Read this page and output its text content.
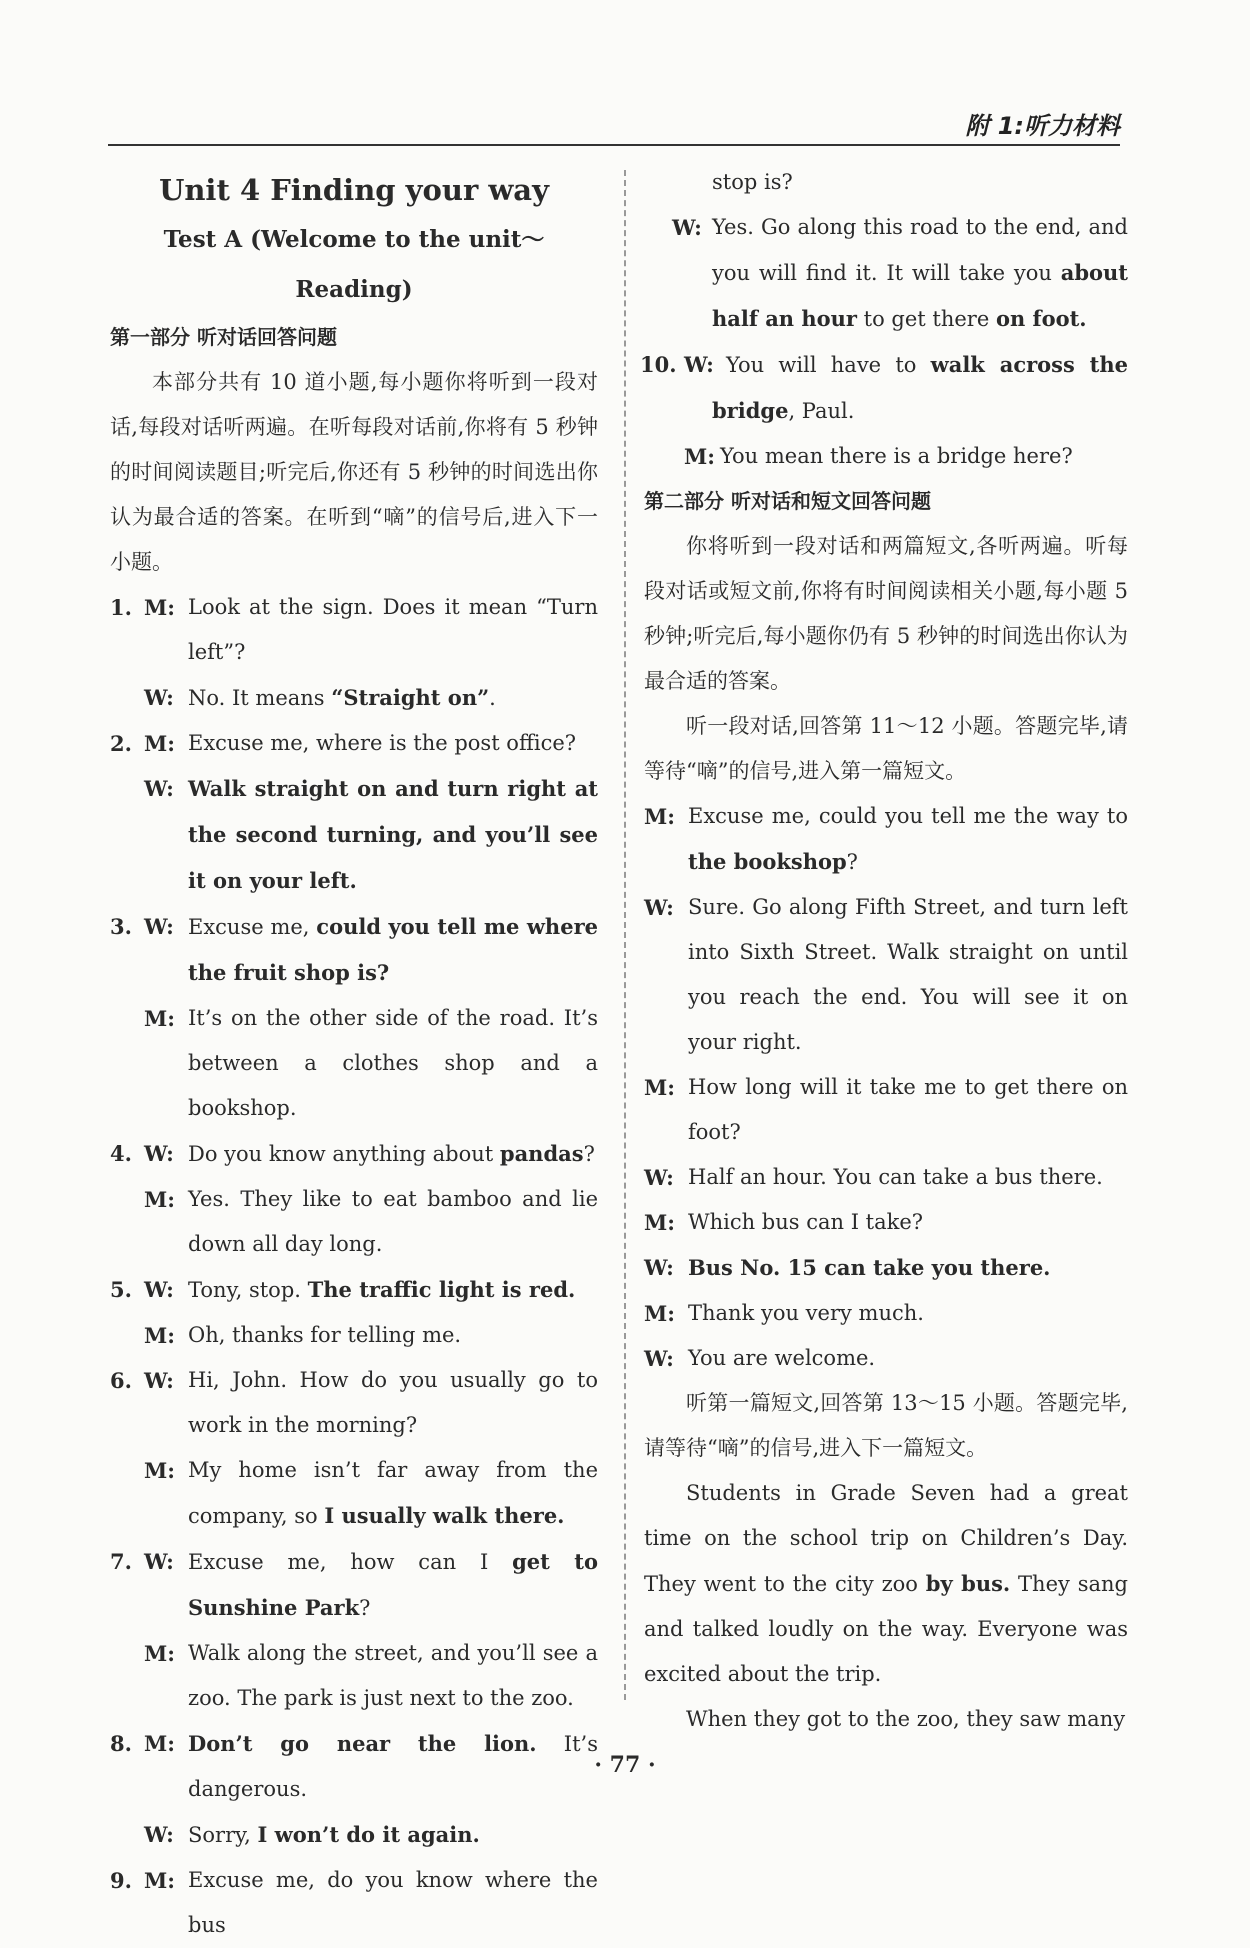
附 1:听力材料
Unit 4 Finding your way
Test A (Welcome to the unit～Reading)
第一部分 听对话回答问题
本部分共有 10 道小题,每小题你将听到一段对话,每段对话听两遍。在听每段对话前,你将有 5 秒钟的时间阅读题目;听完后,你还有 5 秒钟的时间选出你认为最合适的答案。在听到“嘀”的信号后,进入下一小题。
1. M: Look at the sign. Does it mean “Turn left”?
W: No. It means “Straight on”.
2. M: Excuse me, where is the post office?
W: Walk straight on and turn right at the second turning, and you’ll see it on your left.
3. W: Excuse me, could you tell me where the fruit shop is?
M: It’s on the other side of the road. It’s between a clothes shop and a bookshop.
4. W: Do you know anything about pandas?
M: Yes. They like to eat bamboo and lie down all day long.
5. W: Tony, stop. The traffic light is red.
M: Oh, thanks for telling me.
6. W: Hi, John. How do you usually go to work in the morning?
M: My home isn’t far away from the company, so I usually walk there.
7. W: Excuse me, how can I get to Sunshine Park?
M: Walk along the street, and you’ll see a zoo. The park is just next to the zoo.
8. M: Don’t go near the lion. It’s dangerous.
W: Sorry, I won’t do it again.
9. M: Excuse me, do you know where the bus
stop is?
W: Yes. Go along this road to the end, and you will find it. It will take you about half an hour to get there on foot.
10. W: You will have to walk across the bridge, Paul.
M: You mean there is a bridge here?
第二部分 听对话和短文回答问题
你将听到一段对话和两篇短文,各听两遍。听每段对话或短文前,你将有时间阅读相关小题,每小题 5 秒钟;听完后,每小题你仍有 5 秒钟的时间选出你认为最合适的答案。
听一段对话,回答第 11～12 小题。答题完毕,请等待“嘀”的信号,进入第一篇短文。
M: Excuse me, could you tell me the way to the bookshop?
W: Sure. Go along Fifth Street, and turn left into Sixth Street. Walk straight on until you reach the end. You will see it on your right.
M: How long will it take me to get there on foot?
W: Half an hour. You can take a bus there.
M: Which bus can I take?
W: Bus No. 15 can take you there.
M: Thank you very much.
W: You are welcome.
听第一篇短文,回答第 13～15 小题。答题完毕,请等待“嘀”的信号,进入下一篇短文。
Students in Grade Seven had a great time on the school trip on Children’s Day. They went to the city zoo by bus. They sang and talked loudly on the way. Everyone was excited about the trip.
When they got to the zoo, they saw many
· 77 ·
